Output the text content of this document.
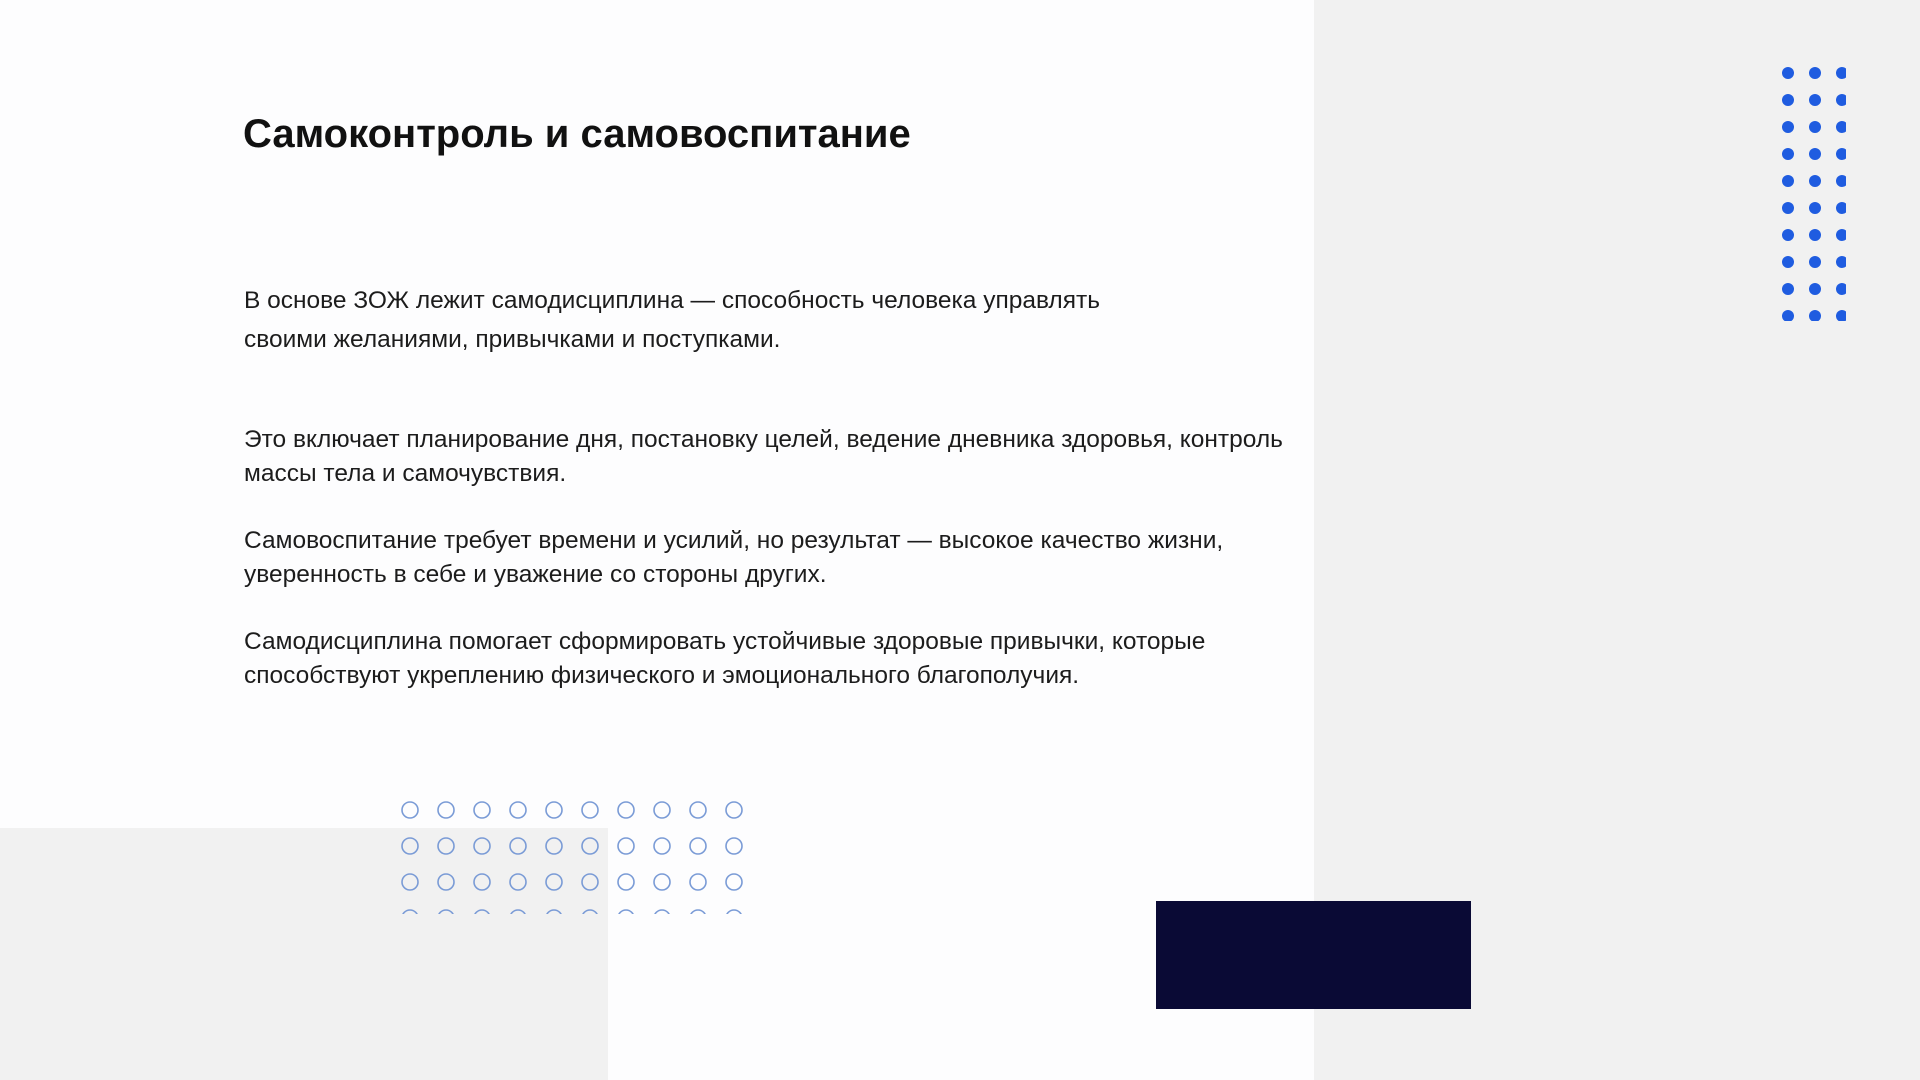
Самоконтроль и самовоспитание

В основе ЗОЖ лежит самодисциплина — способность человека управлять своими желаниями, привычками и поступками.

Это включает планирование дня, постановку целей, ведение дневника здоровья, контроль массы тела и самочувствия.

Самовоспитание требует времени и усилий, но результат — высокое качество жизни, уверенность в себе и уважение со стороны других.

Самодисциплина помогает сформировать устойчивые здоровые привычки, которые способствуют укреплению физического и эмоционального благополучия.
